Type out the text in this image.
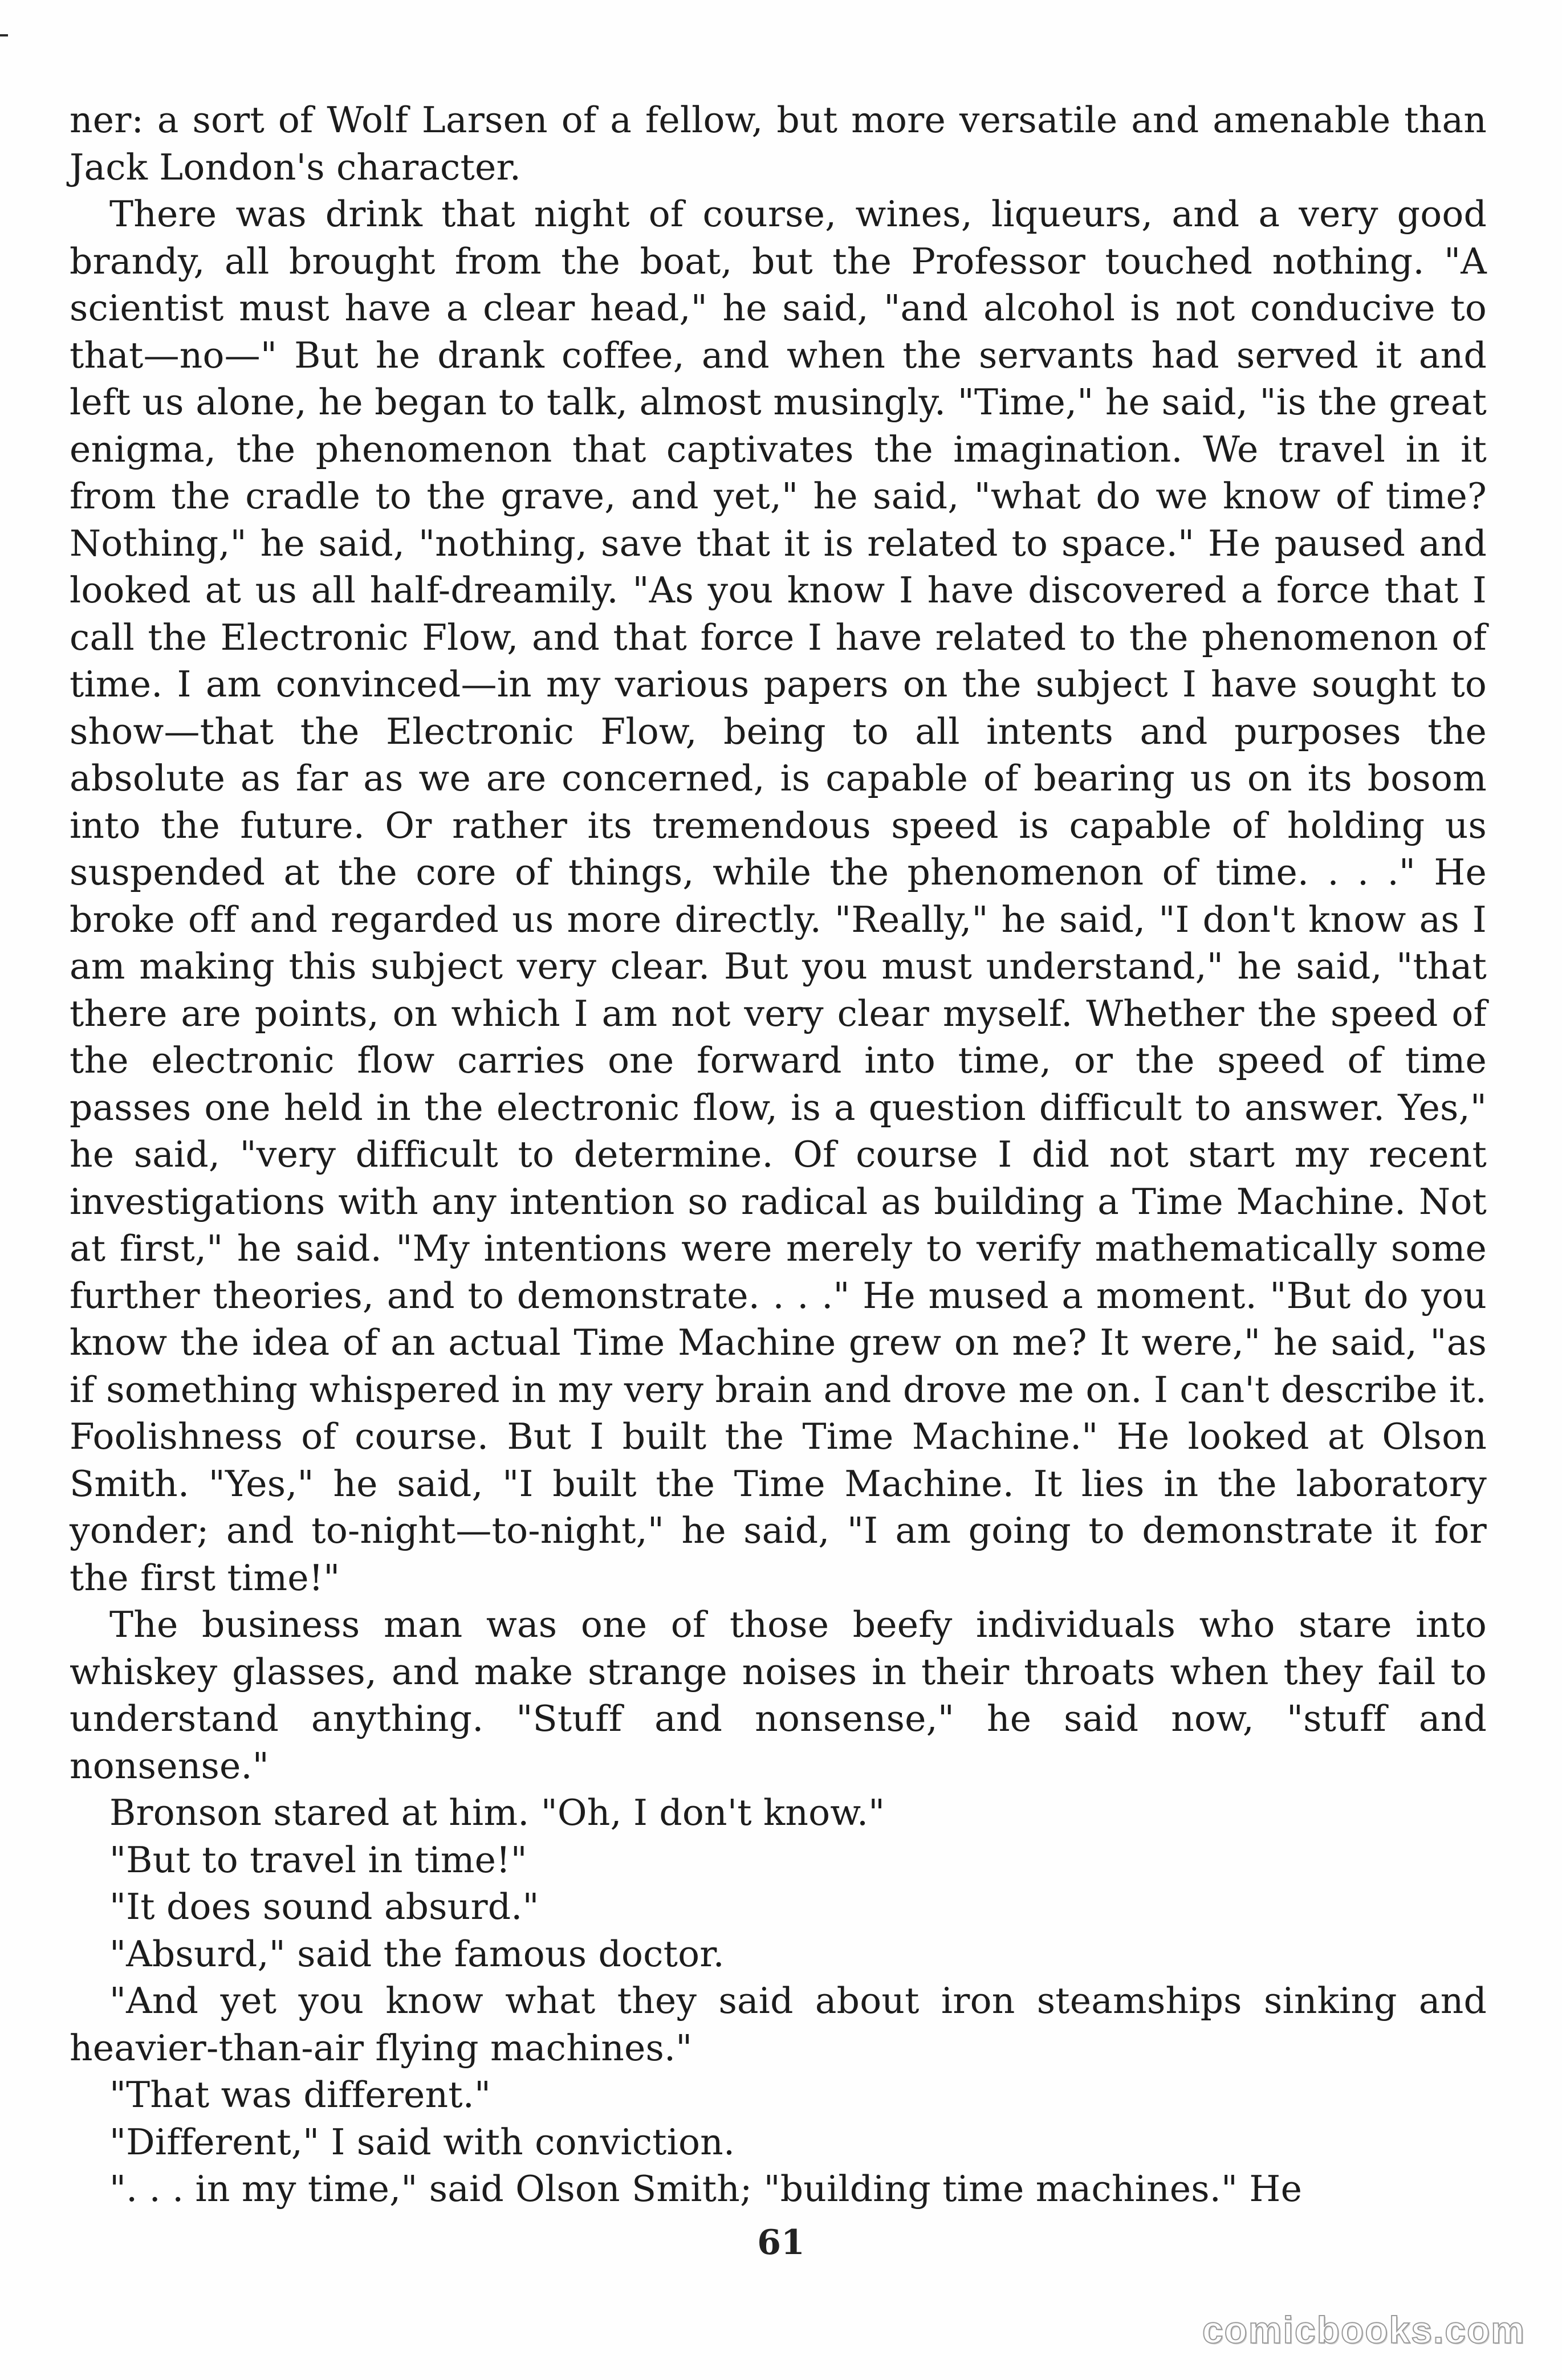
ner: a sort of Wolf Larsen of a fellow, but more versatile and amenable than Jack London's character.

There was drink that night of course, wines, liqueurs, and a very good brandy, all brought from the boat, but the Professor touched nothing. "A scientist must have a clear head," he said, "and alcohol is not conducive to that—no—" But he drank coffee, and when the servants had served it and left us alone, he began to talk, almost musingly. "Time," he said, "is the great enigma, the phenomenon that captivates the imagination. We travel in it from the cradle to the grave, and yet," he said, "what do we know of time? Nothing," he said, "nothing, save that it is related to space." He paused and looked at us all half-dreamily. "As you know I have discovered a force that I call the Electronic Flow, and that force I have related to the phenomenon of time. I am convinced—in my various papers on the subject I have sought to show—that the Electronic Flow, being to all intents and purposes the absolute as far as we are concerned, is capable of bearing us on its bosom into the future. Or rather its tremendous speed is capable of holding us suspended at the core of things, while the phenomenon of time. . . ." He broke off and regarded us more directly. "Really," he said, "I don't know as I am making this subject very clear. But you must understand," he said, "that there are points, on which I am not very clear myself. Whether the speed of the electronic flow carries one forward into time, or the speed of time passes one held in the electronic flow, is a question difficult to answer. Yes," he said, "very difficult to determine. Of course I did not start my recent investigations with any intention so radical as building a Time Machine. Not at first," he said. "My intentions were merely to verify mathematically some further theories, and to demonstrate. . . ." He mused a moment. "But do you know the idea of an actual Time Machine grew on me? It were," he said, "as if something whispered in my very brain and drove me on. I can't describe it. Foolishness of course. But I built the Time Machine." He looked at Olson Smith. "Yes," he said, "I built the Time Machine. It lies in the laboratory yonder; and to-night—to-night," he said, "I am going to demonstrate it for the first time!"

The business man was one of those beefy individuals who stare into whiskey glasses, and make strange noises in their throats when they fail to understand anything. "Stuff and nonsense," he said now, "stuff and nonsense."

Bronson stared at him. "Oh, I don't know."

"But to travel in time!"

"It does sound absurd."

"Absurd," said the famous doctor.

"And yet you know what they said about iron steamships sinking and heavier-than-air flying machines."

"That was different."

"Different," I said with conviction.

". . . in my time," said Olson Smith; "building time machines." He

61
comicbooks.com
